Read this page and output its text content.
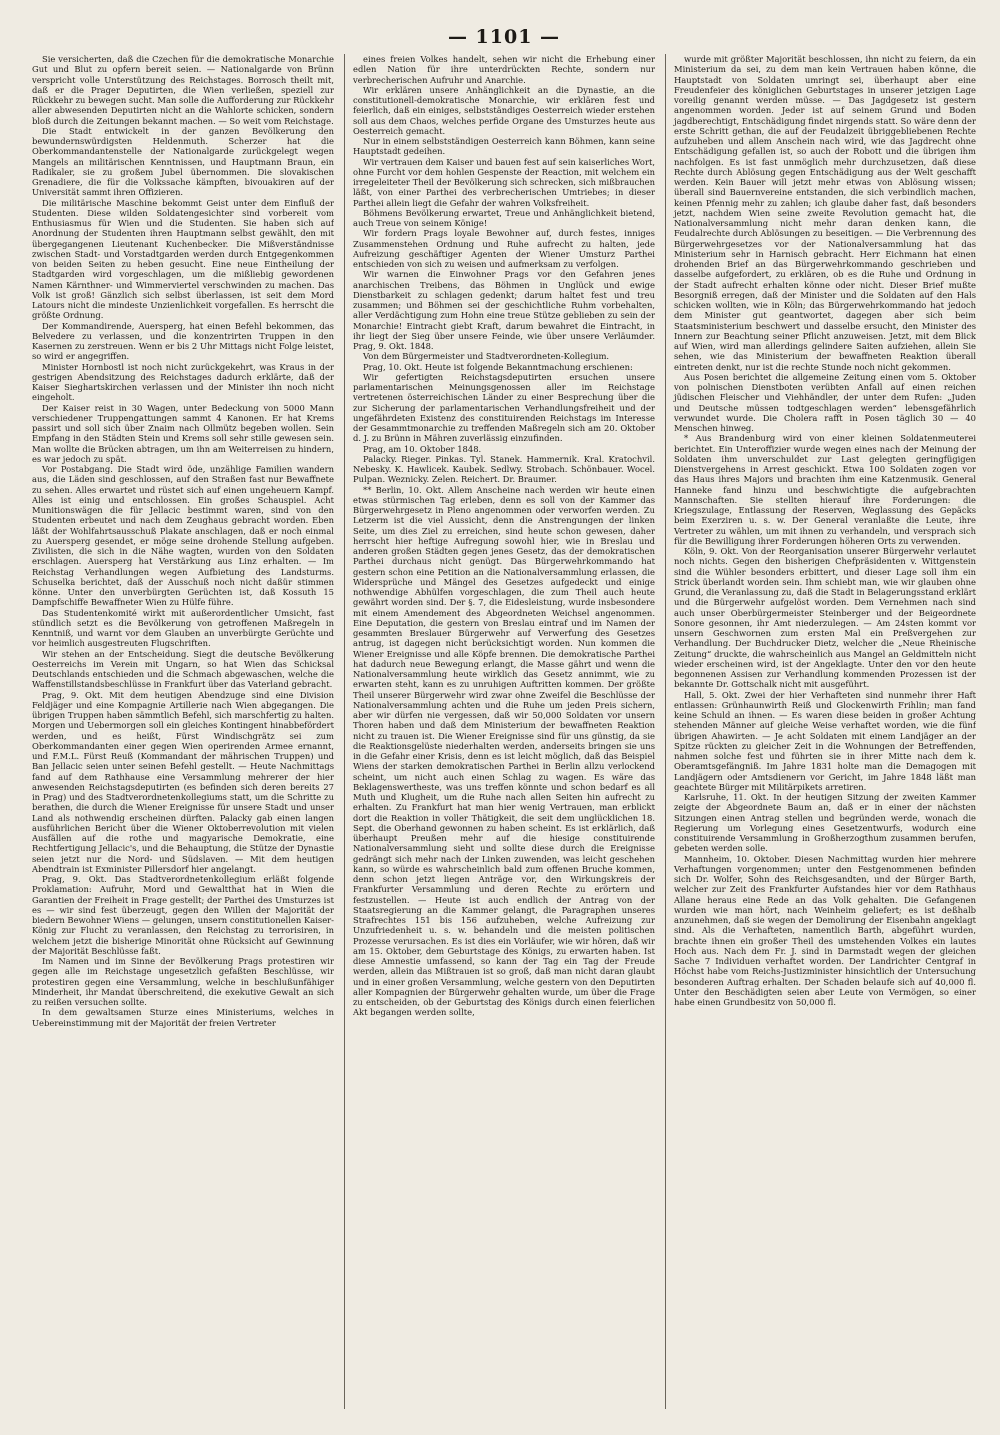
— 1101 —

Sie versicherten, daß die Czechen für die demokratische Monarchie Gut und Blut zu opfern bereit seien. — Nationalgarde von Brünn verspricht volle Unterstützung des Reichstages. Borrosch theilt mit, daß er die Prager Deputirten, die Wien verließen, speziell zur Rückkehr zu bewegen sucht. Man solle die Aufforderung zur Rückkehr aller abwesenden Deputirten nicht an die Wahlorte schicken, sondern bloß durch die Zeitungen bekannt machen. — So weit vom Reichstage.

Die Stadt entwickelt in der ganzen Bevölkerung den bewundernswürdigsten Heldenmuth. Scherzer hat die Oberkommandantenstelle der Nationalgarde zurückgelegt wegen Mangels an militärischen Kenntnissen, und Hauptmann Braun, ein Radikaler, sie zu großem Jubel übernommen. Die slovakischen Grenadiere, die für die Volkssache kämpften, bivouakiren auf der Universität sammt ihren Offizieren.

Die militärische Maschine bekommt Geist unter dem Einfluß der Studenten. Diese wilden Soldatengesichter sind vorbereit vom Enthusiasmus für Wien und die Studenten. Sie haben sich auf Anordnung der Studenten ihren Hauptmann selbst gewählt, den mit übergegangenen Lieutenant Kuchenbecker. Die Mißverständnisse zwischen Stadt- und Vorstadtgarden werden durch Entgegenkommen von beiden Seiten zu heben gesucht. Eine neue Eintheilung der Stadtgarden wird vorgeschlagen, um die mißliebig gewordenen Namen Kärnthner- und Wimmerviertel verschwinden zu machen. Das Volk ist groß! Gänzlich sich selbst überlassen, ist seit dem Mord Latours nicht die mindeste Unzienlichkeit vorgefallen. Es herrscht die größte Ordnung.

Der Kommandirende, Auersperg, hat einen Befehl bekommen, das Belvedere zu verlassen, und die konzentrirten Truppen in den Kasernen zu zerstreuen. Wenn er bis 2 Uhr Mittags nicht Folge leistet, so wird er angegriffen.

Minister Hornbostl ist noch nicht zurückgekehrt, was Kraus in der gestrigen Abendsitzung des Reichstages dadurch erklärte, daß der Kaiser Sieghartskirchen verlassen und der Minister ihn noch nicht eingeholt.

Der Kaiser reist in 30 Wagen, unter Bedeckung von 5000 Mann verschiedener Truppengattungen sammt 4 Kanonen. Er hat Krems passirt und soll sich über Znaim nach Ollmütz begeben wollen. Sein Empfang in den Städten Stein und Krems soll sehr stille gewesen sein. Man wollte die Brücken abtragen, um ihn am Weiterreisen zu hindern, es war jedoch zu spät.

Vor Postabgang. Die Stadt wird öde, unzählige Familien wandern aus, die Läden sind geschlossen, auf den Straßen fast nur Bewaffnete zu sehen. Alles erwartet und rüstet sich auf einen ungeheuern Kampf. Alles ist einig und entschlossen. Ein großes Schauspiel. Acht Munitionswägen die für Jellacic bestimmt waren, sind von den Studenten erbeutet und nach dem Zeughaus gebracht worden. Eben läßt der Wohlfahrtsausschuß Plakate anschlagen, daß er noch einmal zu Auersperg gesendet, er möge seine drohende Stellung aufgeben. Zivilisten, die sich in die Nähe wagten, wurden von den Soldaten erschlagen. Auersperg hat Verstärkung aus Linz erhalten. — Im Reichstag Verhandlungen wegen Aufbietung des Landsturms. Schuselka berichtet, daß der Ausschuß noch nicht daßür stimmen könne. Unter den unverbürgten Gerüchten ist, daß Kossuth 15 Dampfschiffe Bewaffneter Wien zu Hülfe führe.

Das Studentenkomité wirkt mit außerordentlicher Umsicht, fast stündlich setzt es die Bevölkerung von getroffenen Maßregeln in Kenntniß, und warnt vor dem Glauben an unverbürgte Gerüchte und vor heimlich ausgestreuten Flugschriften.

Wir stehen an der Entscheidung. Siegt die deutsche Bevölkerung Oesterreichs im Verein mit Ungarn, so hat Wien das Schicksal Deutschlands entschieden und die Schmach abgewaschen, welche die Waffenstillstandsbeschlüsse in Frankfurt über das Vaterland gebracht.

Prag, 9. Okt. Mit dem heutigen Abendzuge sind eine Division Feldjäger und eine Kompagnie Artillerie nach Wien abgegangen. Die übrigen Truppen haben sämmtlich Befehl, sich marschfertig zu halten. Morgen und Uebermorgen soll ein gleiches Kontingent hinabbefördert werden, und es heißt, Fürst Windischgrätz sei zum Oberkommandanten einer gegen Wien operirenden Armee ernannt, und F.M.L. Fürst Reuß (Kommandant der mährischen Truppen) und Ban Jellacic seien unter seinen Befehl gestellt. — Heute Nachmittags fand auf dem Rathhause eine Versammlung mehrerer der hier anwesenden Reichstagsdeputirten (es befinden sich deren bereits 27 in Prag) und des Stadtverordnetenkollegiums statt, um die Schritte zu berathen, die durch die Wiener Ereignisse für unsere Stadt und unser Land als nothwendig erscheinen dürften. Palacky gab einen langen ausführlichen Bericht über die Wiener Oktoberrevolution mit vielen Ausfällen auf die rothe und magyarische Demokratie, eine Rechtfertigung Jellacic's, und die Behauptung, die Stütze der Dynastie seien jetzt nur die Nord- und Südslaven. — Mit dem heutigen Abendtrain ist Exminister Pillersdorf hier angelangt.

Prag, 9. Okt. Das Stadtverordnetenkollegium erläßt folgende Proklamation: Aufruhr, Mord und Gewaltthat hat in Wien die Garantien der Freiheit in Frage gestellt; der Parthei des Umsturzes ist es — wir sind fest überzeugt, gegen den Willen der Majorität der biedern Bewohner Wiens — gelungen, unsern constitutionellen Kaiser-König zur Flucht zu veranlassen, den Reichstag zu terrorisiren, in welchem jetzt die bisherige Minorität ohne Rücksicht auf Gewinnung der Majorität Beschlüsse faßt.

Im Namen und im Sinne der Bevölkerung Prags protestiren wir gegen alle im Reichstage ungesetzlich gefaßten Beschlüsse, wir protestiren gegen eine Versammlung, welche in beschlußunfähiger Minderheit, ihr Mandat überschreitend, die exekutive Gewalt an sich zu reißen versuchen sollte.

In dem gewaltsamen Sturze eines Ministeriums, welches in Uebereinstimmung mit der Majorität der freien Vertreter

eines freien Volkes handelt, sehen wir nicht die Erhebung einer edlen Nation für ihre unterdrückten Rechte, sondern nur verbrecherischen Aufruhr und Anarchie.

Wir erklären unsere Anhänglichkeit an die Dynastie, an die constitutionell-demokratische Monarchie, wir erklären fest und feierlich, daß ein einiges, selbstständiges Oesterreich wieder erstehen soll aus dem Chaos, welches perfide Organe des Umsturzes heute aus Oesterreich gemacht.

Nur in einem selbstständigen Oesterreich kann Böhmen, kann seine Hauptstadt gedeihen.

Wir vertrauen dem Kaiser und bauen fest auf sein kaiserliches Wort, ohne Furcht vor dem hohlen Gespenste der Reaction, mit welchem ein irregeleiteter Theil der Bevölkerung sich schrecken, sich mißbrauchen läßt, von einer Parthei des verbrecherischen Umtriebes; in dieser Parthei allein liegt die Gefahr der wahren Volksfreiheit.

Böhmens Bevölkerung erwartet, Treue und Anhänglichkeit bietend, auch Treue von seinem Könige!

Wir fordern Prags loyale Bewohner auf, durch festes, inniges Zusammenstehen Ordnung und Ruhe aufrecht zu halten, jede Aufreizung geschäftiger Agenten der Wiener Umsturz Parthei entschieden von sich zu weisen und aufmerksam zu verfolgen.

Wir warnen die Einwohner Prags vor den Gefahren jenes anarchischen Treibens, das Böhmen in Unglück und ewige Dienstbarkeit zu schlagen gedenkt; darum haltet fest und treu zusammen; und Böhmen sei der geschichtliche Ruhm vorbehalten, aller Verdächtigung zum Hohn eine treue Stütze geblieben zu sein der Monarchie! Eintracht giebt Kraft, darum bewahret die Eintracht, in ihr liegt der Sieg über unsere Feinde, wie über unsere Verläumder. Prag, 9. Okt. 1848.

Von dem Bürgermeister und Stadtverordneten-Kollegium.

Prag, 10. Okt. Heute ist folgende Bekanntmachung erschienen:

Wir gefertigten Reichstagsdeputirten ersuchen unsere parlamentarischen Meinungsgenossen aller im Reichstage vertretenen österreichischen Länder zu einer Besprechung über die zur Sicherung der parlamentarischen Verhandlungsfreiheit und der ungefährdeten Existenz des constituirenden Reichstags im Interesse der Gesammtmonarchie zu treffenden Maßregeln sich am 20. Oktober d. J. zu Brünn in Mähren zuverlässig einzufinden.

Prag, am 10. Oktober 1848.

Palacky. Rieger. Pinkas. Tyl. Stanek. Hammernik. Kral. Kratochvil. Nebesky. K. Hawlicek. Kaubek. Sedlwy. Strobach. Schönbauer. Wocel. Pulpan. Weznicky. Zelen. Reichert. Dr. Braumer.

** Berlin, 10. Okt. Allem Anscheine nach werden wir heute einen etwas stürmischen Tag erleben, denn es soll von der Kammer das Bürgerwehrgesetz in Pleno angenommen oder verworfen werden. Zu Letzerm ist die viel Aussicht, denn die Anstrengungen der linken Seite, um dies Ziel zu erreichen, sind heute schon gewesen, daher herrscht hier heftige Aufregung sowohl hier, wie in Breslau und anderen großen Städten gegen jenes Gesetz, das der demokratischen Parthei durchaus nicht genügt. Das Bürgerwehrkommando hat gestern schon eine Petition an die Nationalversammlung erlassen, die Widersprüche und Mängel des Gesetzes aufgedeckt und einige nothwendige Abhülfen vorgeschlagen, die zum Theil auch heute gewährt worden sind. Der §. 7, die Eidesleistung, wurde insbesondere mit einem Amendement des Abgeordneten Weichsel angenommen. Eine Deputation, die gestern von Breslau eintraf und im Namen der gesammten Breslauer Bürgerwehr auf Verwerfung des Gesetzes antrug, ist dagegen nicht berücksichtigt worden. Nun kommen die Wiener Ereignisse und alle Köpfe brennen. Die demokratische Parthei hat dadurch neue Bewegung erlangt, die Masse gährt und wenn die Nationalversammlung heute wirklich das Gesetz annimmt, wie zu erwarten steht, kann es zu unruhigen Auftritten kommen. Der größte Theil unserer Bürgerwehr wird zwar ohne Zweifel die Beschlüsse der Nationalversammlung achten und die Ruhe um jeden Preis sichern, aber wir dürfen nie vergessen, daß wir 50,000 Soldaten vor unsern Thoren haben und daß dem Ministerium der bewaffneten Reaktion nicht zu trauen ist. Die Wiener Ereignisse sind für uns günstig, da sie die Reaktionsgelüste niederhalten werden, anderseits bringen sie uns in die Gefahr einer Krisis, denn es ist leicht möglich, daß das Beispiel Wiens der starken demokratischen Parthei in Berlin allzu verlockend scheint, um nicht auch einen Schlag zu wagen. Es wäre das Beklagenswertheste, was uns treffen könnte und schon bedarf es all Muth und Klugheit, um die Ruhe nach allen Seiten hin aufrecht zu erhalten. Zu Frankfurt hat man hier wenig Vertrauen, man erblickt dort die Reaktion in voller Thätigkeit, die seit dem unglücklichen 18. Sept. die Oberhand gewonnen zu haben scheint. Es ist erklärlich, daß überhaupt Preußen mehr auf die hiesige constituirende Nationalversammlung sieht und sollte diese durch die Ereignisse gedrängt sich mehr nach der Linken zuwenden, was leicht geschehen kann, so würde es wahrscheinlich bald zum offenen Bruche kommen, denn schon jetzt liegen Anträge vor, den Wirkungskreis der Frankfurter Versammlung und deren Rechte zu erörtern und festzustellen. — Heute ist auch endlich der Antrag von der Staatsregierung an die Kammer gelangt, die Paragraphen unseres Strafrechtes 151 bis 156 aufzuheben, welche Aufreizung zur Unzufriedenheit u. s. w. behandeln und die meisten politischen Prozesse verursachen. Es ist dies ein Vorläufer, wie wir hören, daß wir am 15. Oktober, dem Geburtstage des Königs, zu erwarten haben. Ist diese Amnestie umfassend, so kann der Tag ein Tag der Freude werden, allein das Mißtrauen ist so groß, daß man nicht daran glaubt und in einer großen Versammlung, welche gestern von den Deputirten aller Kompagnien der Bürgerwehr gehalten wurde, um über die Frage zu entscheiden, ob der Geburtstag des Königs durch einen feierlichen Akt begangen werden sollte,

wurde mit größter Majorität beschlossen, ihn nicht zu feiern, da ein Ministerium da sei, zu dem man kein Vertrauen haben könne, die Hauptstadt von Soldaten umringt sei, überhaupt aber eine Freudenfeier des königlichen Geburtstages in unserer jetzigen Lage voreilig genannt werden müsse. — Das Jagdgesetz ist gestern angenommen worden. Jeder ist auf seinem Grund und Boden jagdberechtigt, Entschädigung findet nirgends statt. So wäre denn der erste Schritt gethan, die auf der Feudalzeit übriggebliebenen Rechte aufzuheben und allem Anschein nach wird, wie das Jagdrecht ohne Entschädigung gefallen ist, so auch der Robott und die übrigen ihm nachfolgen. Es ist fast unmöglich mehr durchzusetzen, daß diese Rechte durch Ablösung gegen Entschädigung aus der Welt geschafft werden. Kein Bauer will jetzt mehr etwas von Ablösung wissen; überall sind Bauernvereine entstanden, die sich verbindlich machen, keinen Pfennig mehr zu zahlen; ich glaube daher fast, daß besonders jetzt, nachdem Wien seine zweite Revolution gemacht hat, die Nationalversammlung nicht mehr daran denken kann, die Feudalrechte durch Ablösungen zu beseitigen. — Die Verbrennung des Bürgerwehrgesetzes vor der Nationalversammlung hat das Ministerium sehr in Harnisch gebracht. Herr Eichmann hat einen drohenden Brief an das Bürgerwehrkommando geschrieben und dasselbe aufgefordert, zu erklären, ob es die Ruhe und Ordnung in der Stadt aufrecht erhalten könne oder nicht. Dieser Brief mußte Besorgniß erregen, daß der Minister und die Soldaten auf den Hals schicken wollten, wie in Köln; das Bürgerwehrkommando hat jedoch dem Minister gut geantwortet, dagegen aber sich beim Staatsministerium beschwert und dasselbe ersucht, den Minister des Innern zur Beachtung seiner Pflicht anzuweisen. Jetzt, mit dem Blick auf Wien, wird man allerdings gelindere Saiten aufziehen, allein Sie sehen, wie das Ministerium der bewaffneten Reaktion überall eintreten denkt, nur ist die rechte Stunde noch nicht gekommen.

Aus Posen berichtet die allgemeine Zeitung einen vom 5. Oktober von polnischen Dienstboten verübten Anfall auf einen reichen jüdischen Fleischer und Viehhändler, der unter dem Rufen: „Juden und Deutsche müssen todtgeschlagen werden“ lebensgefährlich verwundet wurde. Die Cholera rafft in Posen täglich 30 — 40 Menschen hinweg.

* Aus Brandenburg wird von einer kleinen Soldatenmeuterei berichtet. Ein Unteroffizier wurde wegen eines nach der Meinung der Soldaten ihm unverschuldet zur Last gelegten geringfügigen Dienstvergehens in Arrest geschickt. Etwa 100 Soldaten zogen vor das Haus ihres Majors und brachten ihm eine Katzenmusik. General Hanneke fand hinzu und beschwichtigte die aufgebrachten Mannschaften. Sie stellten hierauf ihre Forderungen: die Kriegszulage, Entlassung der Reserven, Weglassung des Gepäcks beim Exerziren u. s. w. Der General veranlaßte die Leute, ihre Vertreter zu wählen, um mit ihnen zu verhandeln, und versprach sich für die Bewilligung ihrer Forderungen höheren Orts zu verwenden.

Köln, 9. Okt. Von der Reorganisation unserer Bürgerwehr verlautet noch nichts. Gegen den bisherigen Chefpräsidenten v. Wittgenstein sind die Wühler besonders erbittert, und dieser Lage soll ihm ein Strick überlandt worden sein. Ihm schiebt man, wie wir glauben ohne Grund, die Veranlassung zu, daß die Stadt in Belagerungsstand erklärt und die Bürgerwehr aufgelöst worden. Dem Vernehmen nach sind auch unser Oberbürgermeister Steinberger und der Beigeordnete Sonore gesonnen, ihr Amt niederzulegen. — Am 24sten kommt vor unsern Geschwornen zum ersten Mal ein Preßvergehen zur Verhandlung. Der Buchdrucker Dietz, welcher die „Neue Rheinische Zeitung“ druckte, die wahrscheinlich aus Mangel an Geldmitteln nicht wieder erscheinen wird, ist der Angeklagte. Unter den vor den heute begonnenen Assisen zur Verhandlung kommenden Prozessen ist der bekannte Dr. Gottschalk nicht mit ausgeführt.

Hall, 5. Okt. Zwei der hier Verhafteten sind nunmehr ihrer Haft entlassen: Grünhaunwirth Reiß und Glockenwirth Frihlin; man fand keine Schuld an ihnen. — Es waren diese beiden in großer Achtung stehenden Männer auf gleiche Weise verhaftet worden, wie die fünf übrigen Ahawirten. — Je acht Soldaten mit einem Landjäger an der Spitze rückten zu gleicher Zeit in die Wohnungen der Betreffenden, nahmen solche fest und führten sie in ihrer Mitte nach dem k. Oberamtsgefängniß. Im Jahre 1831 holte man die Demagogen mit Landjägern oder Amtsdienern vor Gericht, im Jahre 1848 läßt man geachtete Bürger mit Militärpikets arretiren.

Karlsruhe, 11. Okt. In der heutigen Sitzung der zweiten Kammer zeigte der Abgeordnete Baum an, daß er in einer der nächsten Sitzungen einen Antrag stellen und begründen werde, wonach die Regierung um Vorlegung eines Gesetzentwurfs, wodurch eine constituirende Versammlung in Großherzogthum zusammen berufen, gebeten werden solle.

Mannheim, 10. Oktober. Diesen Nachmittag wurden hier mehrere Verhaftungen vorgenommen; unter den Festgenommenen befinden sich Dr. Wolfer, Sohn des Reichsgesandten, und der Bürger Barth, welcher zur Zeit des Frankfurter Aufstandes hier vor dem Rathhaus Allane heraus eine Rede an das Volk gehalten. Die Gefangenen wurden wie man hört, nach Weinheim geliefert; es ist deßhalb anzunehmen, daß sie wegen der Demolirung der Eisenbahn angeklagt sind. Als die Verhafteten, namentlich Barth, abgeführt wurden, brachte ihnen ein großer Theil des umstehenden Volkes ein lautes Hoch aus. Nach dem Fr. J. sind in Darmstadt wegen der gleichen Sache 7 Individuen verhaftet worden. Der Landrichter Centgraf in Höchst habe vom Reichs-Justizminister hinsichtlich der Untersuchung besonderen Auftrag erhalten. Der Schaden belaufe sich auf 40,000 fl. Unter den Beschädigten seien aber Leute von Vermögen, so einer habe einen Grundbesitz von 50,000 fl.
